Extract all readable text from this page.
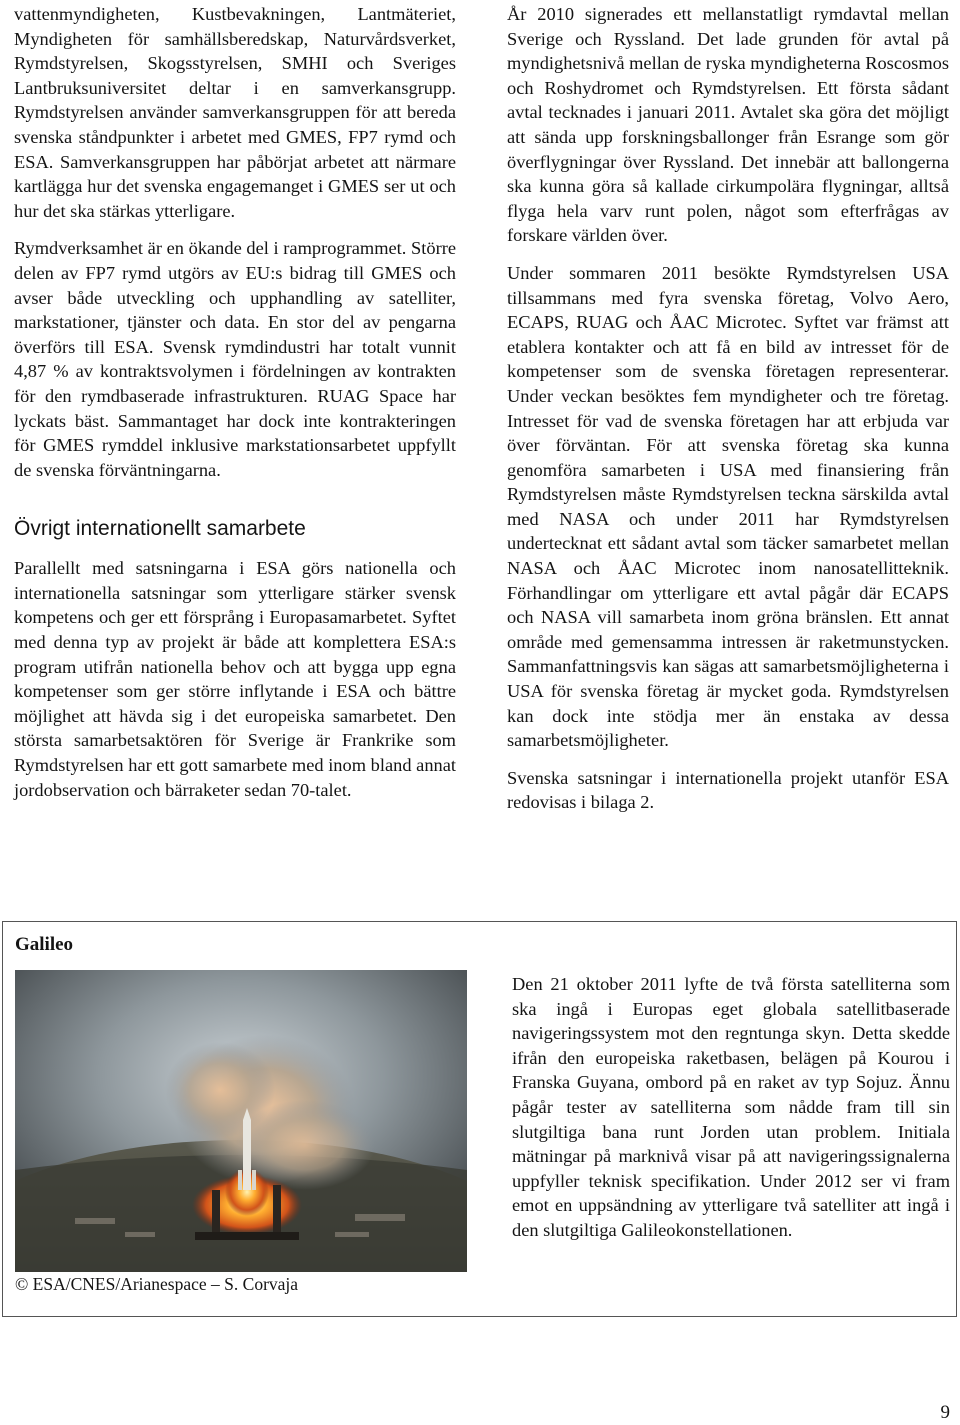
vattenmyndigheten, Kustbevakningen, Lantmäteriet, Myndigheten för samhällsberedskap, Naturvårdsverket, Rymdstyrelsen, Skogsstyrelsen, SMHI och Sveriges Lantbruksuniversitet deltar i en samverkansgrupp. Rymdstyrelsen använder samverkansgruppen för att bereda svenska ståndpunkter i arbetet med GMES, FP7 rymd och ESA. Samverkansgruppen har påbörjat arbetet att närmare kartlägga hur det svenska engagemanget i GMES ser ut och hur det ska stärkas ytterligare.

Rymdverksamhet är en ökande del i ramprogrammet. Större delen av FP7 rymd utgörs av EU:s bidrag till GMES och avser både utveckling och upphandling av satelliter, markstationer, tjänster och data. En stor del av pengarna överförs till ESA. Svensk rymdindustri har totalt vunnit 4,87 % av kontraktsvolymen i fördelningen av kontrakten för den rymdbaserade infrastrukturen. RUAG Space har lyckats bäst. Sammantaget har dock inte kontrakteringen för GMES rymddel inklusive markstationsarbetet uppfyllt de svenska förväntningarna.

Övrigt internationellt samarbete

Parallellt med satsningarna i ESA görs nationella och internationella satsningar som ytterligare stärker svensk kompetens och ger ett försprång i Europasamarbetet. Syftet med denna typ av projekt är både att komplettera ESA:s program utifrån nationella behov och att bygga upp egna kompetenser som ger större inflytande i ESA och bättre möjlighet att hävda sig i det europeiska samarbetet. Den största samarbetsaktören för Sverige är Frankrike som Rymdstyrelsen har ett gott samarbete med inom bland annat jordobservation och bärraketer sedan 70-talet.

År 2010 signerades ett mellanstatligt rymdavtal mellan Sverige och Ryssland. Det lade grunden för avtal på myndighetsnivå mellan de ryska myndigheterna Roscosmos och Roshydromet och Rymdstyrelsen. Ett första sådant avtal tecknades i januari 2011. Avtalet ska göra det möjligt att sända upp forskningsballonger från Esrange som gör överflygningar över Ryssland. Det innebär att ballongerna ska kunna göra så kallade cirkumpolära flygningar, alltså flyga hela varv runt polen, något som efterfrågas av forskare världen över.

Under sommaren 2011 besökte Rymdstyrelsen USA tillsammans med fyra svenska företag, Volvo Aero, ECAPS, RUAG och ÅAC Microtec. Syftet var främst att etablera kontakter och att få en bild av intresset för de kompetenser som de svenska företagen representerar. Under veckan besöktes fem myndigheter och tre företag. Intresset för vad de svenska företagen har att erbjuda var över förväntan. För att svenska företag ska kunna genomföra samarbeten i USA med finansiering från Rymdstyrelsen måste Rymdstyrelsen teckna särskilda avtal med NASA och under 2011 har Rymdstyrelsen undertecknat ett sådant avtal som täcker samarbetet mellan NASA och ÅAC Microtec inom nanosatellitteknik. Förhandlingar om ytterligare ett avtal pågår där ECAPS och NASA vill samarbeta inom gröna bränslen. Ett annat område med gemensamma intressen är raketmunstycken. Sammanfattningsvis kan sägas att samarbetsmöjligheterna i USA för svenska företag är mycket goda. Rymdstyrelsen kan dock inte stödja mer än enstaka av dessa samarbetsmöjligheter.

Svenska satsningar i internationella projekt utanför ESA redovisas i bilaga 2.

Galileo
© ESA/CNES/Arianespace – S. Corvaja
Den 21 oktober 2011 lyfte de två första satelliterna som ska ingå i Europas eget globala satellitbaserade navigeringssystem mot den regntunga skyn. Detta skedde ifrån den europeiska raketbasen, belägen på Kourou i Franska Guyana, ombord på en raket av typ Sojuz. Ännu pågår tester av satelliterna som nådde fram till sin slutgiltiga bana runt Jorden utan problem. Initiala mätningar på marknivå visar på att navigeringssignalerna uppfyller teknisk specifikation. Under 2012 ser vi fram emot en uppsändning av ytterligare två satelliter att ingå i den slutgiltiga Galileokonstellationen.
9
